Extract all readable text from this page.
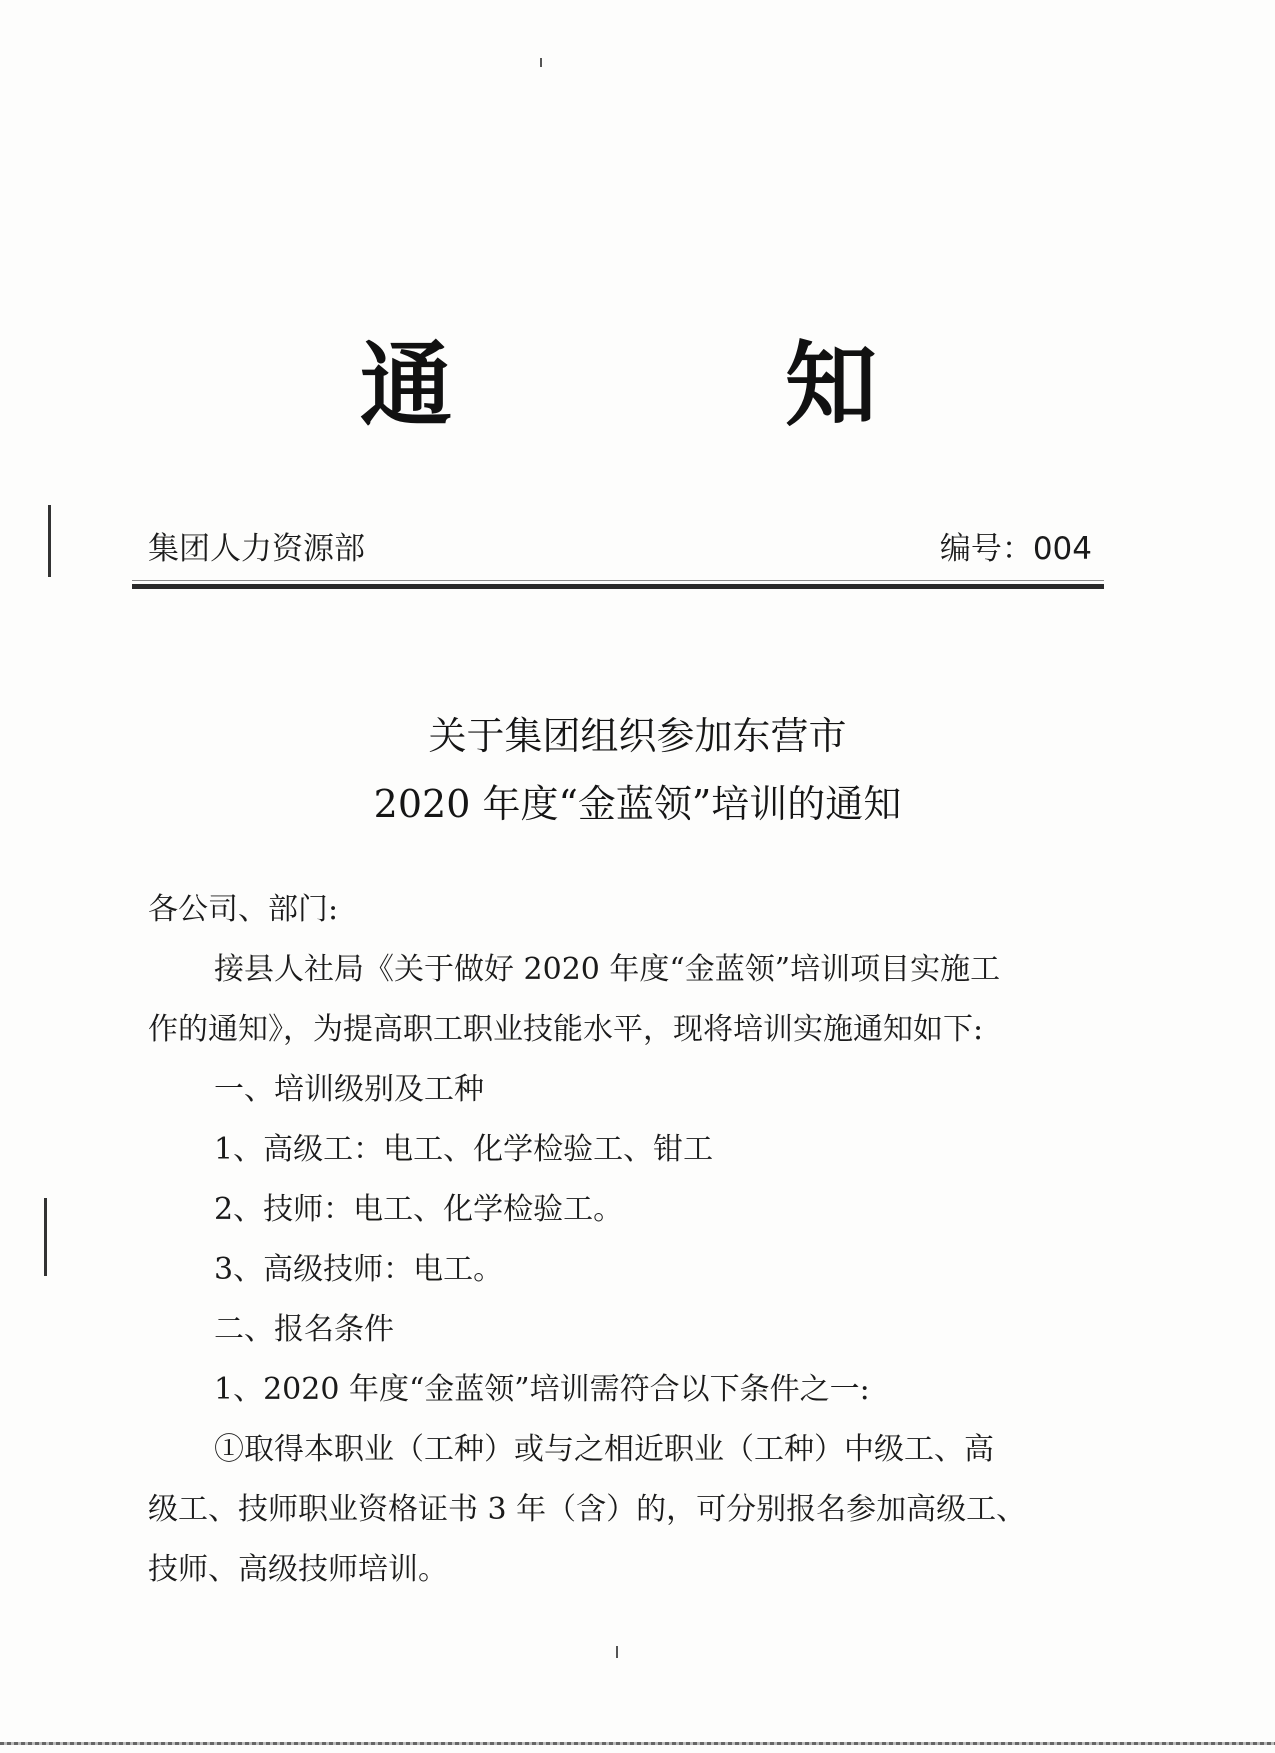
通	知
集团人力资源部	编号：004
关于集团组织参加东营市
2020 年度“金蓝领”培训的通知
各公司、部门:
接县人社局《关于做好 2020 年度“金蓝领”培训项目实施工
作的通知》，为提高职工职业技能水平，现将培训实施通知如下:
一、培训级别及工种
1、高级工：电工、化学检验工、钳工
2、技师：电工、化学检验工。
3、高级技师：电工。
二、报名条件
1、2020 年度“金蓝领”培训需符合以下条件之一:
①取得本职业（工种）或与之相近职业（工种）中级工、高
级工、技师职业资格证书 3 年（含）的，可分别报名参加高级工、
技师、高级技师培训。
